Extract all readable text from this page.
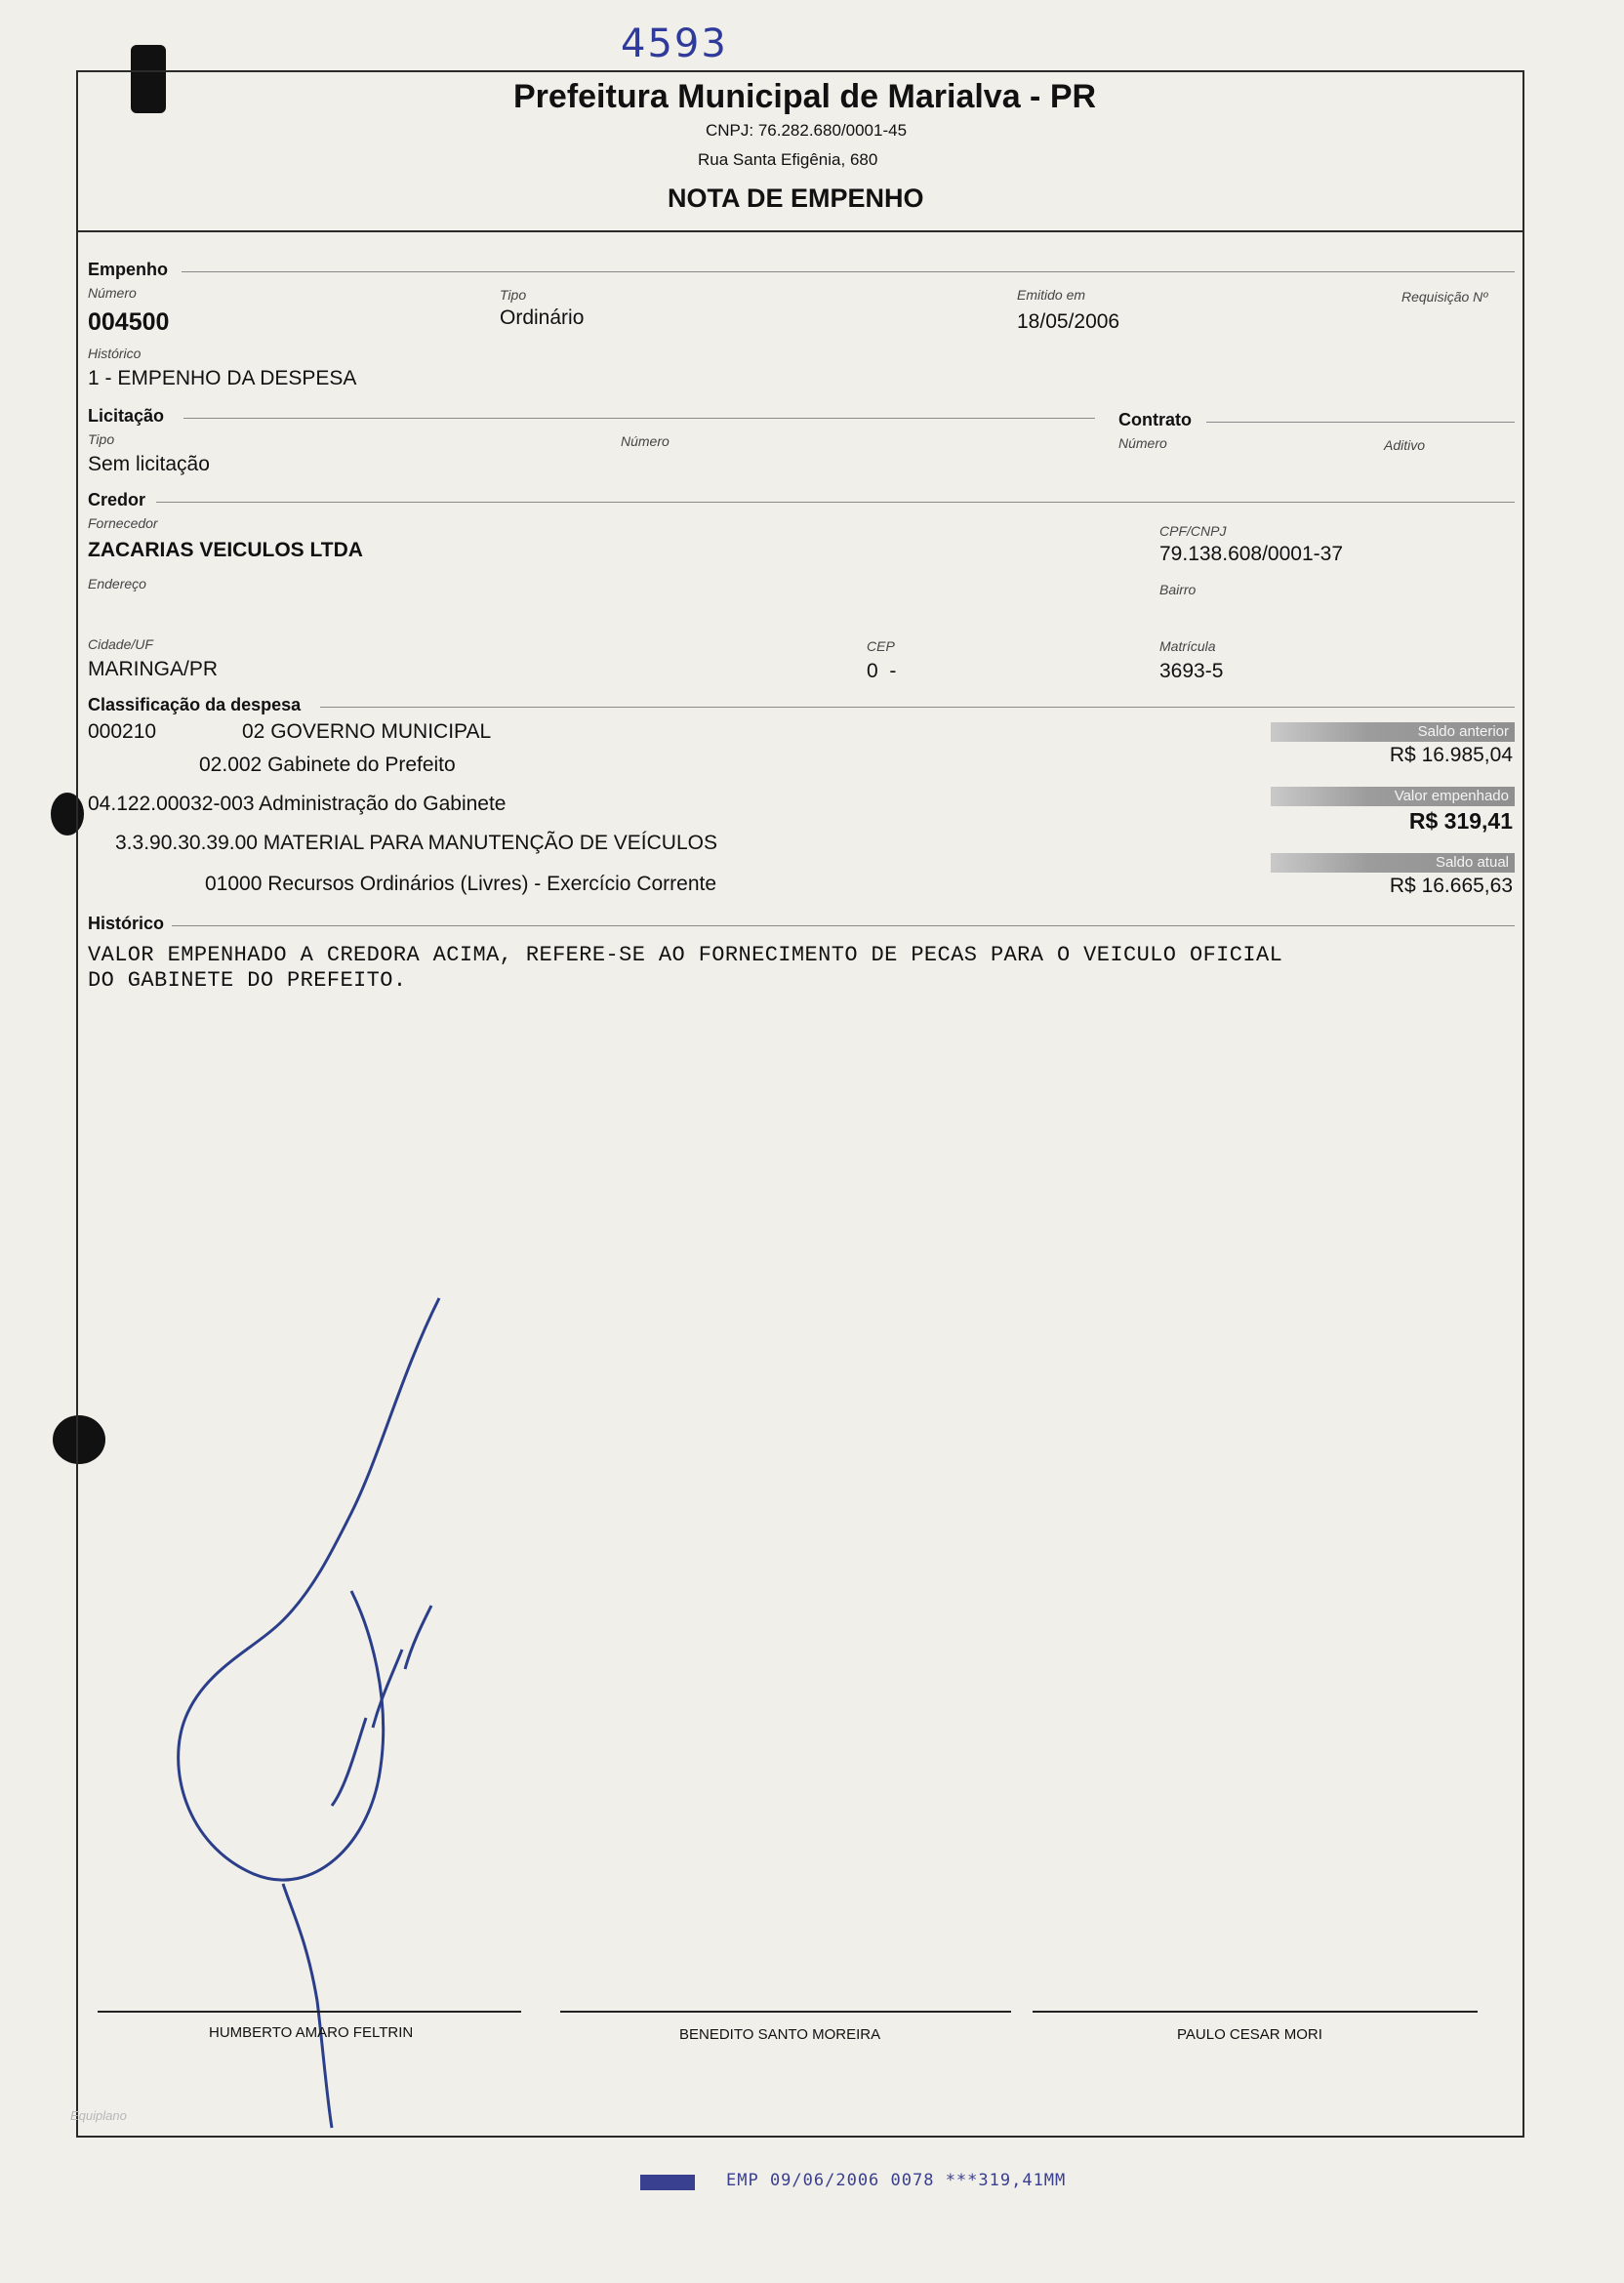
4593
Prefeitura Municipal de Marialva - PR
CNPJ: 76.282.680/0001-45
Rua Santa Efigênia, 680
NOTA DE EMPENHO
Empenho
Número
004500
Tipo
Ordinário
Emitido em
18/05/2006
Requisição Nº
Histórico
1 - EMPENHO DA DESPESA
Licitação	Contrato
Tipo
Sem licitação
Número	Número	Aditivo
Credor
Fornecedor
ZACARIAS VEICULOS LTDA
CPF/CNPJ
79.138.608/0001-37
Endereço	Bairro
Cidade/UF
MARINGA/PR
CEP
0  -
Matrícula
3693-5
Classificação da despesa
000210	02 GOVERNO MUNICIPAL
02.002 Gabinete do Prefeito
04.122.00032-003 Administração do Gabinete
3.3.90.30.39.00 MATERIAL PARA MANUTENÇÃO DE VEÍCULOS
01000 Recursos Ordinários (Livres) - Exercício Corrente
Saldo anterior
R$ 16.985,04
Valor empenhado
R$ 319,41
Saldo atual
R$ 16.665,63
Histórico
VALOR EMPENHADO A CREDORA ACIMA, REFERE-SE AO FORNECIMENTO DE PECAS PARA O VEICULO OFICIAL
DO GABINETE DO PREFEITO.
HUMBERTO AMARO FELTRIN	BENEDITO SANTO MOREIRA	PAULO CESAR MORI
Equiplano
EMP 09/06/2006 0078 ***319,41MM
